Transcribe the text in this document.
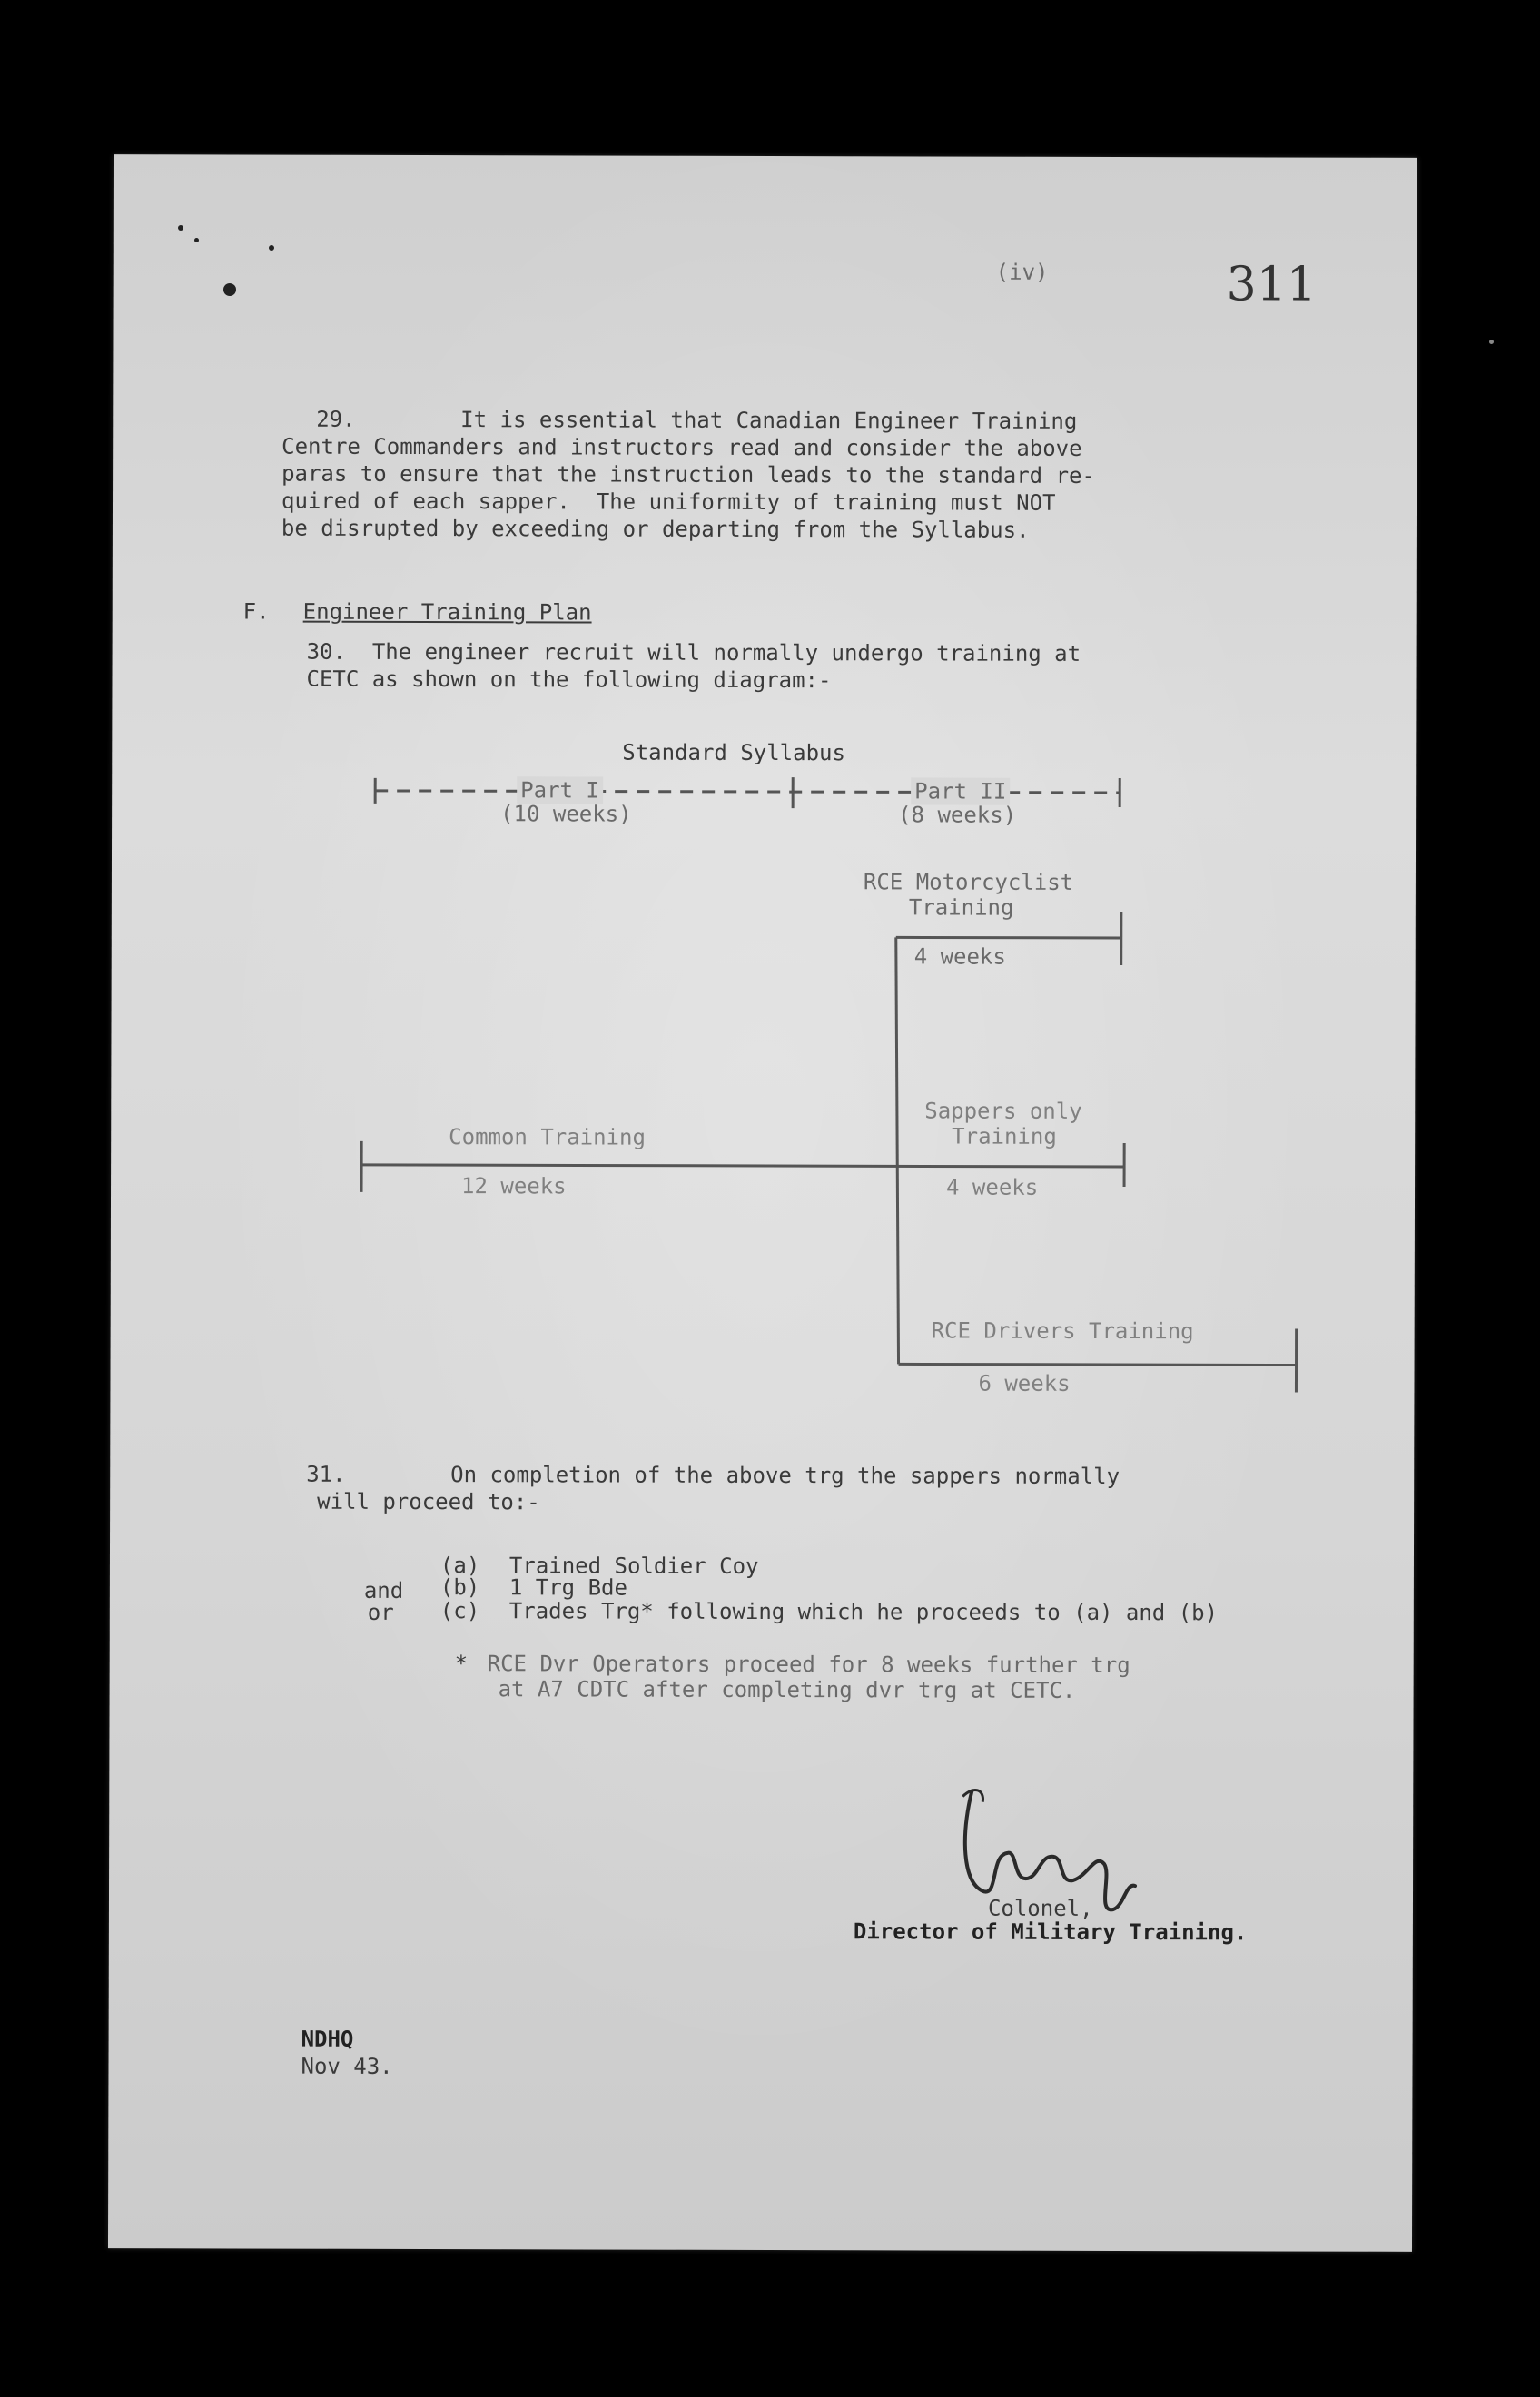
(iv)	311
29.        It is essential that Canadian Engineer Training
Centre Commanders and instructors read and consider the above
paras to ensure that the instruction leads to the standard re-
quired of each sapper.  The uniformity of training must NOT
be disrupted by exceeding or departing from the Syllabus.
F. Engineer Training Plan
30.  The engineer recruit will normally undergo training at
CETC as shown on the following diagram:-
Standard Syllabus
Part I
(10 weeks)
Part II
(8 weeks)
RCE Motorcyclist
Training
4 weeks
Common Training
12 weeks
Sappers only
Training
4 weeks
RCE Drivers Training
6 weeks
31.        On completion of the above trg the sappers normally
will proceed to:-
(a) Trained Soldier Coy
and (b) 1 Trg Bde
or (c) Trades Trg* following which he proceeds to (a) and (b)
* RCE Dvr Operators proceed for 8 weeks further trg
at A7 CDTC after completing dvr trg at CETC.
Colonel,
Director of Military Training.
NDHQ
Nov 43.
